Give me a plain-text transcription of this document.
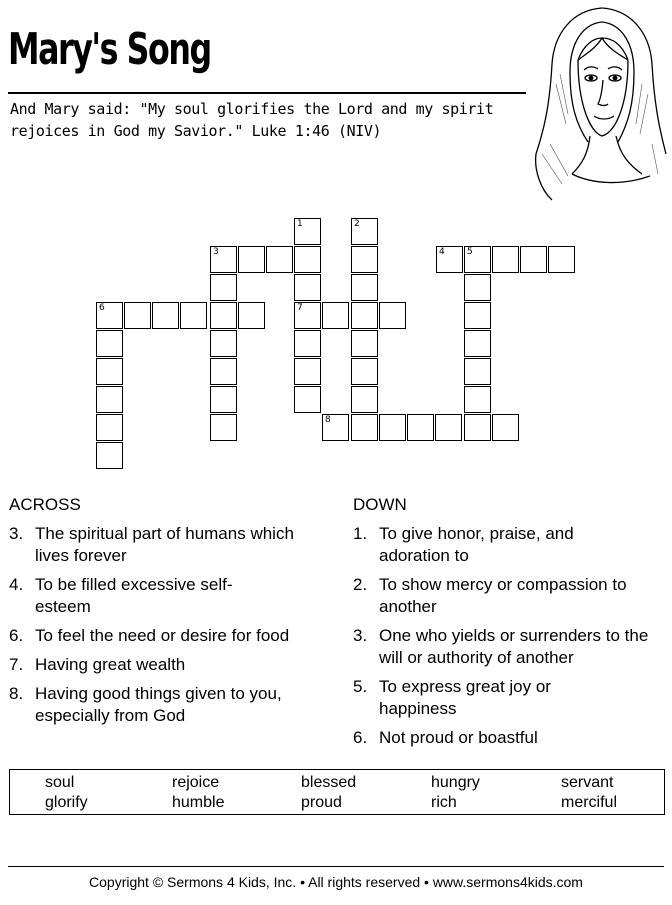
Mary's Song
And Mary said: "My soul glorifies the Lord and my spirit rejoices in God my Savior." Luke 1:46 (NIV)
1
7
2
3	4 5
6
8
ACROSS
3. The spiritual part of humans which lives forever
4. To be filled excessive self-esteem
6. To feel the need or desire for food
7. Having great wealth
8. Having good things given to you, especially from God
DOWN
1. To give honor, praise, and adoration to
2. To show mercy or compassion to another
3. One who yields or surrenders to the will or authority of another
5. To express great joy or happiness
6. Not proud or boastful
soul	rejoice	blessed	hungry	servant
glorify	humble	proud	rich	merciful
Copyright © Sermons 4 Kids, Inc. • All rights reserved • www.sermons4kids.com
